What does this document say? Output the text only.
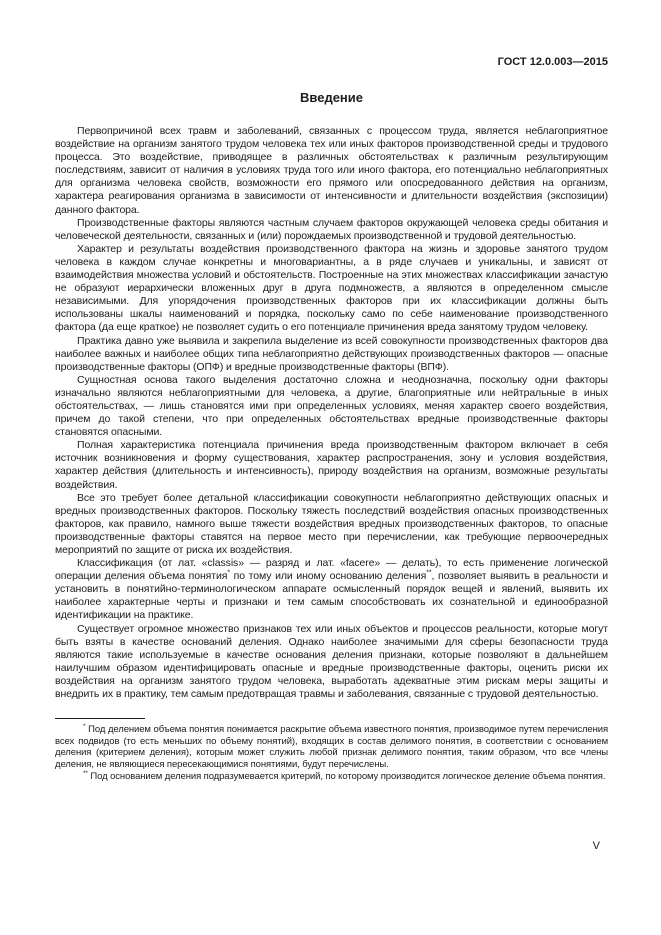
ГОСТ 12.0.003—2015
Введение

Первопричиной всех травм и заболеваний, связанных с процессом труда, является неблагоприятное воздействие на организм занятого трудом человека тех или иных факторов производственной среды и трудового процесса. Это воздействие, приводящее в различных обстоятельствах к различным результирующим последствиям, зависит от наличия в условиях труда того или иного фактора, его потенциально неблагоприятных для организма человека свойств, возможности его прямого или опосредованного действия на организм, характера реагирования организма в зависимости от интенсивности и длительности воздействия (экспозиции) данного фактора.

Производственные факторы являются частным случаем факторов окружающей человека среды обитания и человеческой деятельности, связанных и (или) порождаемых производственной и трудовой деятельностью.

Характер и результаты воздействия производственного фактора на жизнь и здоровье занятого трудом человека в каждом случае конкретны и многовариантны, а в ряде случаев и уникальны, и зависят от взаимодействия множества условий и обстоятельств. Построенные на этих множествах классификации зачастую не образуют иерархически вложенных друг в друга подмножеств, а являются в определенном смысле независимыми. Для упорядочения производственных факторов при их классификации должны быть использованы шкалы наименований и порядка, поскольку само по себе наименование производственного фактора (да еще краткое) не позволяет судить о его потенциале причинения вреда занятому трудом человеку.

Практика давно уже выявила и закрепила выделение из всей совокупности производственных факторов два наиболее важных и наиболее общих типа неблагоприятно действующих производственных факторов — опасные производственные факторы (ОПФ) и вредные производственные факторы (ВПФ).

Сущностная основа такого выделения достаточно сложна и неоднозначна, поскольку одни факторы изначально являются неблагоприятными для человека, а другие, благоприятные или нейтральные в иных обстоятельствах, — лишь становятся ими при определенных условиях, меняя характер своего воздействия, причем до такой степени, что при определенных обстоятельствах вредные производственные факторы становятся опасными.

Полная характеристика потенциала причинения вреда производственным фактором включает в себя источник возникновения и форму существования, характер распространения, зону и условия воздействия, характер действия (длительность и интенсивность), природу воздействия на организм, возможные результаты воздействия.

Все это требует более детальной классификации совокупности неблагоприятно действующих опасных и вредных производственных факторов. Поскольку тяжесть последствий воздействия опасных производственных факторов, как правило, намного выше тяжести воздействия вредных производственных факторов, то опасные производственные факторы ставятся на первое место при перечислении, как требующие первоочередных мероприятий по защите от риска их воздействия.

Классификация (от лат. «classis» — разряд и лат. «facere» — делать), то есть применение логической операции деления объема понятия* по тому или иному основанию деления**, позволяет выявить в реальности и установить в понятийно-терминологическом аппарате осмысленный порядок вещей и явлений, выявить их наиболее характерные черты и признаки и тем самым способствовать их сознательной и единообразной идентификации на практике.

Существует огромное множество признаков тех или иных объектов и процессов реальности, которые могут быть взяты в качестве оснований деления. Однако наиболее значимыми для сферы безопасности труда являются такие используемые в качестве основания деления признаки, которые позволяют в дальнейшем наилучшим образом идентифицировать опасные и вредные производственные факторы, оценить риски их воздействия на организм занятого трудом человека, выработать адекватные этим рискам меры защиты и внедрить их в практику, тем самым предотвращая травмы и заболевания, связанные с трудовой деятельностью.

* Под делением объема понятия понимается раскрытие объема известного понятия, производимое путем перечисления всех подвидов (то есть меньших по объему понятий), входящих в состав делимого понятия, в соответствии с основанием деления (критерием деления), которым может служить любой признак делимого понятия, таким образом, что все члены деления, не являющиеся пересекающимися понятиями, будут перечислены.

** Под основанием деления подразумевается критерий, по которому производится логическое деление объема понятия.

V
